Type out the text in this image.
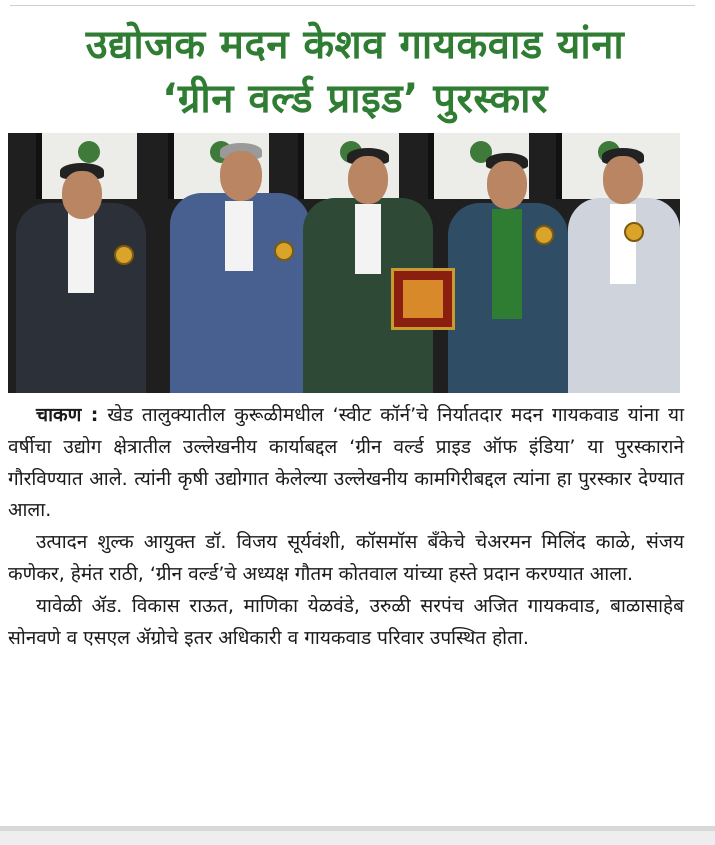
उद्योजक मदन केशव गायकवाड यांना
‘ग्रीन वर्ल्ड प्राइड’ पुरस्कार

चाकण : खेड तालुक्यातील कुरूळीमधील ‘स्वीट कॉर्न’चे निर्यातदार मदन गायकवाड यांना या वर्षीचा उद्योग क्षेत्रातील उल्लेखनीय कार्याबद्दल ‘ग्रीन वर्ल्ड प्राइड ऑफ इंडिया’ या पुरस्काराने गौरविण्यात आले. त्यांनी कृषी उद्योगात केलेल्या उल्लेखनीय कामगिरीबद्दल त्यांना हा पुरस्कार देण्यात आला.

उत्पादन शुल्क आयुक्त डॉ. विजय सूर्यवंशी, कॉसमॉस बँकेचे चेअरमन मिलिंद काळे, संजय कणेकर, हेमंत राठी, ‘ग्रीन वर्ल्ड’चे अध्यक्ष गौतम कोतवाल यांच्या हस्ते प्रदान करण्यात आला.

यावेळी ॲड. विकास राऊत, माणिका येळवंडे, उरुळी सरपंच अजित गायकवाड, बाळासाहेब सोनवणे व एसएल ॲग्रोचे इतर अधिकारी व गायकवाड परिवार उपस्थित होता.
